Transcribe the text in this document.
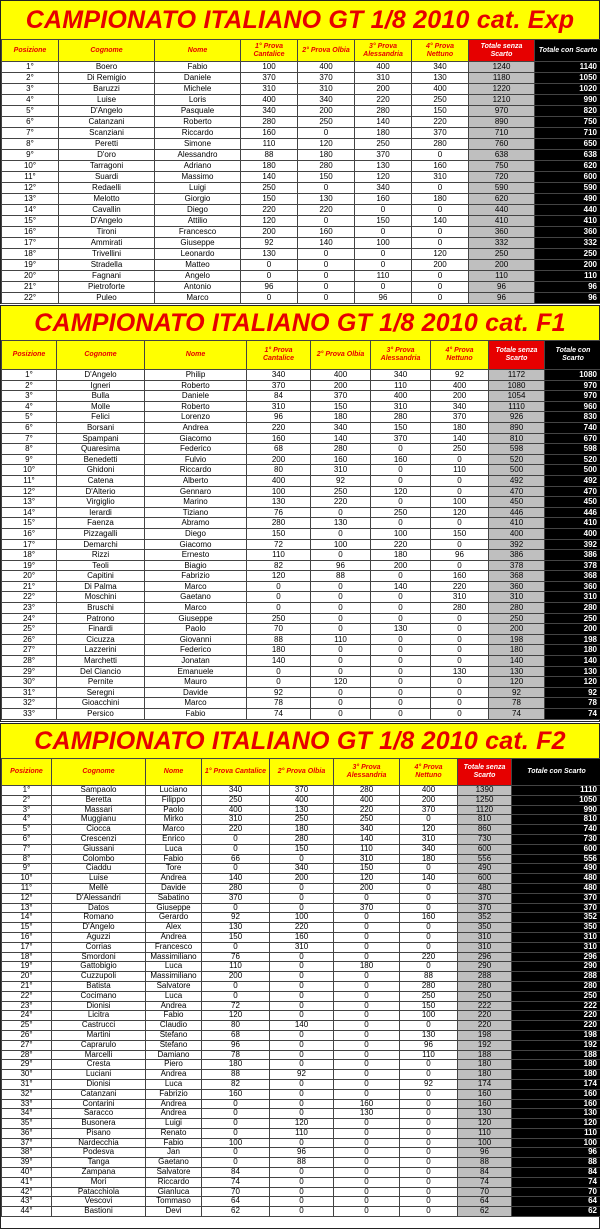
CAMPIONATO ITALIANO GT 1/8 2010 cat. Exp
Posizione	Cognome	Nome	1° Prova Cantalice	2° Prova Olbia	3° Prova Alessandria	4° Prova Nettuno	Totale senza Scarto	Totale con Scarto
1°	Boero	Fabio	100	400	400	340	1240	1140
2°	Di Remigio	Daniele	370	370	310	130	1180	1050
3°	Baruzzi	Michele	310	310	200	400	1220	1020
4°	Luise	Loris	400	340	220	250	1210	990
5°	D'Angelo	Pasquale	340	200	280	150	970	820
6°	Catanzani	Roberto	280	250	140	220	890	750
7°	Scanziani	Riccardo	160	0	180	370	710	710
8°	Peretti	Simone	110	120	250	280	760	650
9°	D'oro	Alessandro	88	180	370	0	638	638
10°	Tarragoni	Adriano	180	280	130	160	750	620
11°	Suardi	Massimo	140	150	120	310	720	600
12°	Redaelli	Luigi	250	0	340	0	590	590
13°	Melotto	Giorgio	150	130	160	180	620	490
14°	Cavallin	Diego	220	220	0	0	440	440
15°	D'Angelo	Attilio	120	0	150	140	410	410
16°	Tironi	Francesco	200	160	0	0	360	360
17°	Ammirati	Giuseppe	92	140	100	0	332	332
18°	Trivellini	Leonardo	130	0	0	120	250	250
19°	Stradella	Matteo	0	0	0	200	200	200
20°	Fagnani	Angelo	0	0	110	0	110	110
21°	Pietroforte	Antonio	96	0	0	0	96	96
22°	Puleo	Marco	0	0	96	0	96	96
CAMPIONATO ITALIANO GT 1/8 2010 cat. F1
Posizione	Cognome	Nome	1° Prova Cantalice	2° Prova Olbia	3° Prova Alessandria	4° Prova Nettuno	Totale senza Scarto	Totale con Scarto
1°	D'Angelo	Philip	340	400	340	92	1172	1080
2°	Igneri	Roberto	370	200	110	400	1080	970
3°	Bulla	Daniele	84	370	400	200	1054	970
4°	Molle	Roberto	310	150	310	340	1110	960
5°	Felici	Lorenzo	96	180	280	370	926	830
6°	Borsani	Andrea	220	340	150	180	890	740
7°	Spampani	Giacomo	160	140	370	140	810	670
8°	Quaresima	Federico	68	280	0	250	598	598
9°	Benedetti	Fulvio	200	160	160	0	520	520
10°	Ghidoni	Riccardo	80	310	0	110	500	500
11°	Catena	Alberto	400	92	0	0	492	492
12°	D'Alterio	Gennaro	100	250	120	0	470	470
13°	Virgiglio	Marino	130	220	0	100	450	450
14°	Ierardi	Tiziano	76	0	250	120	446	446
15°	Faenza	Abramo	280	130	0	0	410	410
16°	Pizzagalli	Diego	150	0	100	150	400	400
17°	Demarchi	Giacomo	72	100	220	0	392	392
18°	Rizzi	Ernesto	110	0	180	96	386	386
19°	Teoli	Biagio	82	96	200	0	378	378
20°	Capitini	Fabrizio	120	88	0	160	368	368
21°	Di Palma	Marco	0	0	140	220	360	360
22°	Moschini	Gaetano	0	0	0	310	310	310
23°	Bruschi	Marco	0	0	0	280	280	280
24°	Patrono	Giuseppe	250	0	0	0	250	250
25°	Finardi	Paolo	70	0	130	0	200	200
26°	Cicuzza	Giovanni	88	110	0	0	198	198
27°	Lazzerini	Federico	180	0	0	0	180	180
28°	Marchetti	Jonatan	140	0	0	0	140	140
29°	Del Ciancio	Emanuele	0	0	0	130	130	130
30°	Pernite	Mauro	0	120	0	0	120	120
31°	Seregni	Davide	92	0	0	0	92	92
32°	Gioacchini	Marco	78	0	0	0	78	78
33°	Persico	Fabio	74	0	0	0	74	74
CAMPIONATO ITALIANO GT 1/8 2010 cat. F2
Posizione	Cognome	Nome	1° Prova Cantalice	2° Prova Olbia	3° Prova Alessandria	4° Prova Nettuno	Totale senza Scarto	Totale con Scarto
1°	Sampaolo	Luciano	340	370	280	400	1390	1110
2°	Beretta	Filippo	250	400	400	200	1250	1050
3°	Massari	Paolo	400	130	220	370	1120	990
4°	Muggianu	Mirko	310	250	250	0	810	810
5°	Ciocca	Marco	220	180	340	120	860	740
6°	Crescenzi	Enrico	0	280	140	310	730	730
7°	Giussani	Luca	0	150	110	340	600	600
8°	Colombo	Fabio	66	0	310	180	556	556
9°	Ciaddu	Tore	0	340	150	0	490	490
10°	Luise	Andrea	140	200	120	140	600	480
11°	Mellè	Davide	280	0	200	0	480	480
12°	D'Alessandri	Sabatino	370	0	0	0	370	370
13°	Datos	Giuseppe	0	0	370	0	370	370
14°	Romano	Gerardo	92	100	0	160	352	352
15°	D'Angelo	Alex	130	220	0	0	350	350
16°	Aguzzi	Andrea	150	160	0	0	310	310
17°	Corrias	Francesco	0	310	0	0	310	310
18°	Smordoni	Massimiliano	76	0	0	220	296	296
19°	Gattobigio	Luca	110	0	180	0	290	290
20°	Cuzzupoli	Massimiliano	200	0	0	88	288	288
21°	Batista	Salvatore	0	0	0	280	280	280
22°	Cocimano	Luca	0	0	0	250	250	250
23°	Dionisi	Andrea	72	0	0	150	222	222
24°	Licitra	Fabio	120	0	0	100	220	220
25°	Castrucci	Claudio	80	140	0	0	220	220
26°	Martini	Stefano	68	0	0	130	198	198
27°	Caprarulo	Stefano	96	0	0	96	192	192
28°	Marcelli	Damiano	78	0	0	110	188	188
29°	Cresta	Piero	180	0	0	0	180	180
30°	Luciani	Andrea	88	92	0	0	180	180
31°	Dionisi	Luca	82	0	0	92	174	174
32°	Catanzani	Fabrizio	160	0	0	0	160	160
33°	Contarini	Andrea	0	0	160	0	160	160
34°	Saracco	Andrea	0	0	130	0	130	130
35°	Busonera	Luigi	0	120	0	0	120	120
36°	Pisano	Renato	0	110	0	0	110	110
37°	Nardecchia	Fabio	100	0	0	0	100	100
38°	Podesva	Jan	0	96	0	0	96	96
39°	Tanga	Gaetano	0	88	0	0	88	88
40°	Zampana	Salvatore	84	0	0	0	84	84
41°	Mori	Riccardo	74	0	0	0	74	74
42°	Patacchiola	Gianluca	70	0	0	0	70	70
43°	Vescovi	Tommaso	64	0	0	0	64	64
44°	Bastioni	Devi	62	0	0	0	62	62
